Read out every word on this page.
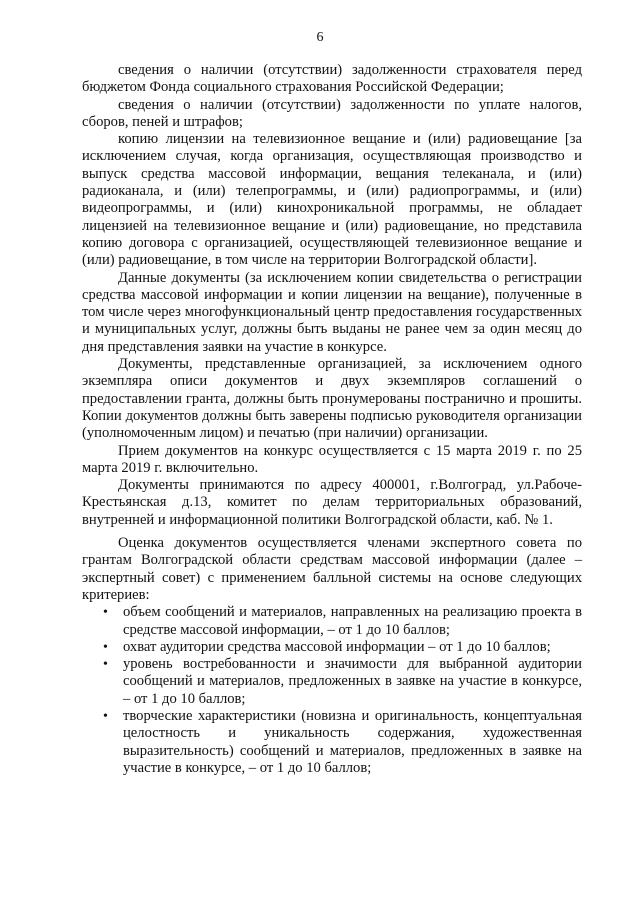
6

сведения о наличии (отсутствии) задолженности страхователя перед бюджетом Фонда социального страхования Российской Федерации;

сведения о наличии (отсутствии) задолженности по уплате налогов, сборов, пеней и штрафов;

копию лицензии на телевизионное вещание и (или) радиовещание [за исключением случая, когда организация, осуществляющая производство и выпуск средства массовой информации, вещания телеканала, и (или) радиоканала, и (или) телепрограммы, и (или) радиопрограммы, и (или) видеопрограммы, и (или) кинохроникальной программы, не обладает лицензией на телевизионное вещание и (или) радиовещание, но представила копию договора с организацией, осуществляющей телевизионное вещание и (или) радиовещание, в том числе на территории Волгоградской области].

Данные документы (за исключением копии свидетельства о регистрации средства массовой информации и копии лицензии на вещание), полученные в том числе через многофункциональный центр предоставления государственных и муниципальных услуг, должны быть выданы не ранее чем за один месяц до дня представления заявки на участие в конкурсе.

Документы, представленные организацией, за исключением одного экземпляра описи документов и двух экземпляров соглашений о предоставлении гранта, должны быть пронумерованы постранично и прошиты. Копии документов должны быть заверены подписью руководителя организации (уполномоченным лицом) и печатью (при наличии) организации.

Прием документов на конкурс осуществляется с 15 марта 2019 г. по 25 марта 2019 г. включительно.

Документы принимаются по адресу 400001, г.Волгоград, ул.Рабоче-Крестьянская д.13, комитет по делам территориальных образований, внутренней и информационной политики Волгоградской области, каб. № 1.

Оценка документов осуществляется членами экспертного совета по грантам Волгоградской области средствам массовой информации (далее – экспертный совет) с применением балльной системы на основе следующих критериев:

• объем сообщений и материалов, направленных на реализацию проекта в средстве массовой информации, – от 1 до 10 баллов;
• охват аудитории средства массовой информации – от 1 до 10 баллов;
• уровень востребованности и значимости для выбранной аудитории сообщений и материалов, предложенных в заявке на участие в конкурсе, – от 1 до 10 баллов;
• творческие характеристики (новизна и оригинальность, концептуальная целостность и уникальность содержания, художественная выразительность) сообщений и материалов, предложенных в заявке на участие в конкурсе, – от 1 до 10 баллов;
